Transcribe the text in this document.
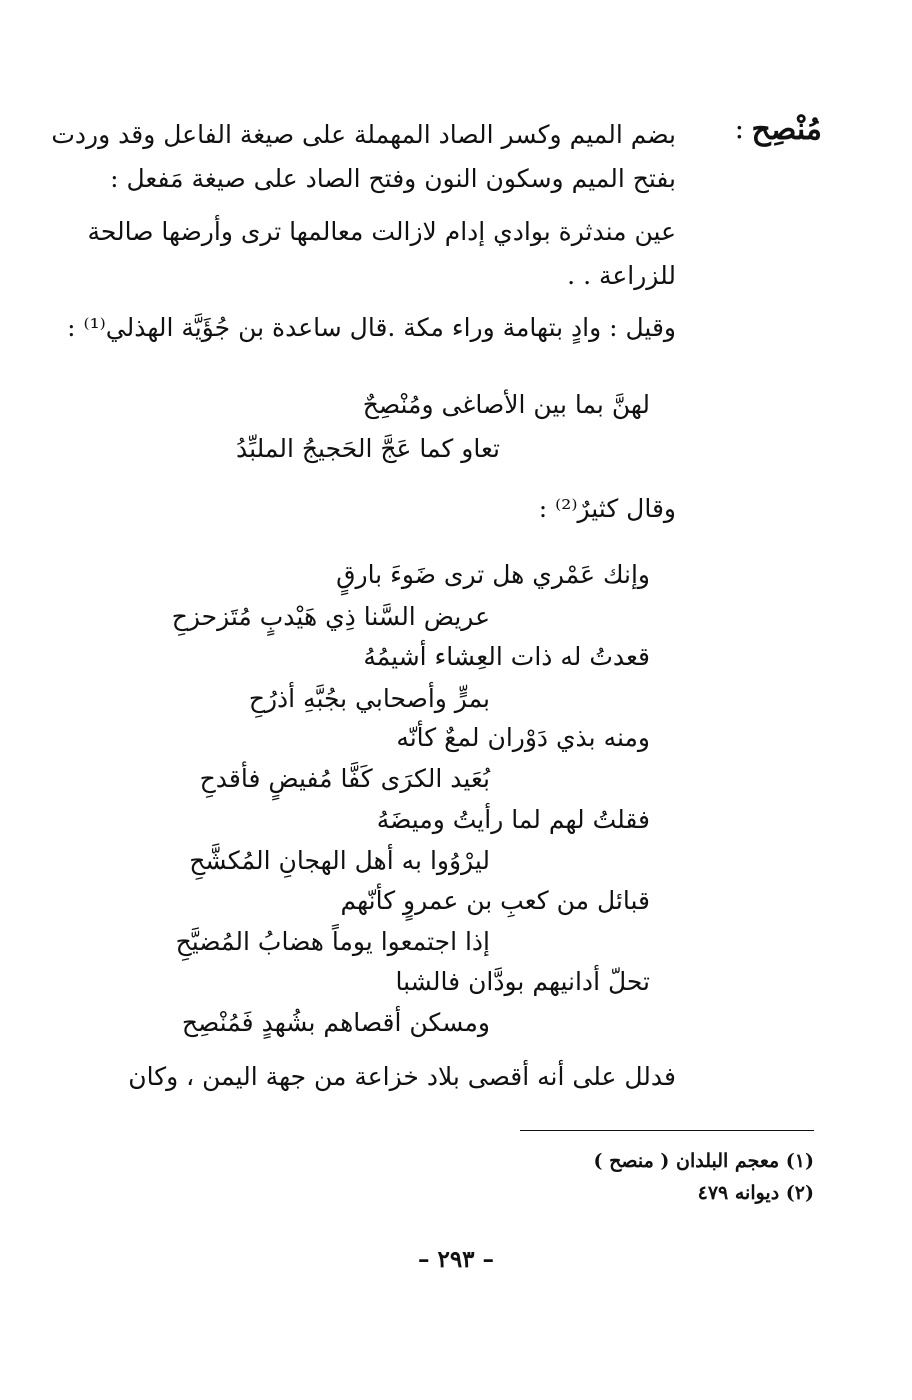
مُنْصِح
:
بضم الميم وكسر الصاد المهملة على صيغة الفاعل وقد وردت
بفتح الميم وسكون النون وفتح الصاد على صيغة مَفعل :
عين مندثرة بوادي إدام لازالت معالمها ترى وأرضها صالحة
للزراعة . .
وقيل : وادٍ بتهامة وراء مكة .قال ساعدة بن جُؤَيَّة الهذلي⁽¹⁾ :
لهنَّ بما بين الأصاغى ومُنْصِحٌ
تعاو كما عَجَّ الحَجيجُ الملبِّدُ
وقال كثيرٌ⁽²⁾ :
وإنك عَمْري هل ترى ضَوءَ بارقٍ
عريض السَّنا ذِي هَيْدبٍ مُتَزحزحِ
قعدتُ له ذات العِشاء أشيمُهُ
بمرٍّ وأصحابي بجُبَّهِ أذرُحِ
ومنه بذي دَوْران لمعٌ كأنّه
بُعَيد الكرَى كَفَّا مُفيضٍ فأقدحِ
فقلتُ لهم لما رأيتُ وميضَهُ
ليرْوُوا به أهل الهجانِ المُكشَّحِ
قبائل من كعبِ بن عمروٍ كأنّهم
إذا اجتمعوا يوماً هضابُ المُضيَّحِ
تحلّ أدانيهم بودَّان فالشبا
ومسكن أقصاهم بشُهدٍ فَمُنْصِح
فدلل على أنه أقصى بلاد خزاعة من جهة اليمن ، وكان
(١) معجم البلدان ( منصح )
(٢) ديوانه ٤٧٩
– ٢٩٣ –
